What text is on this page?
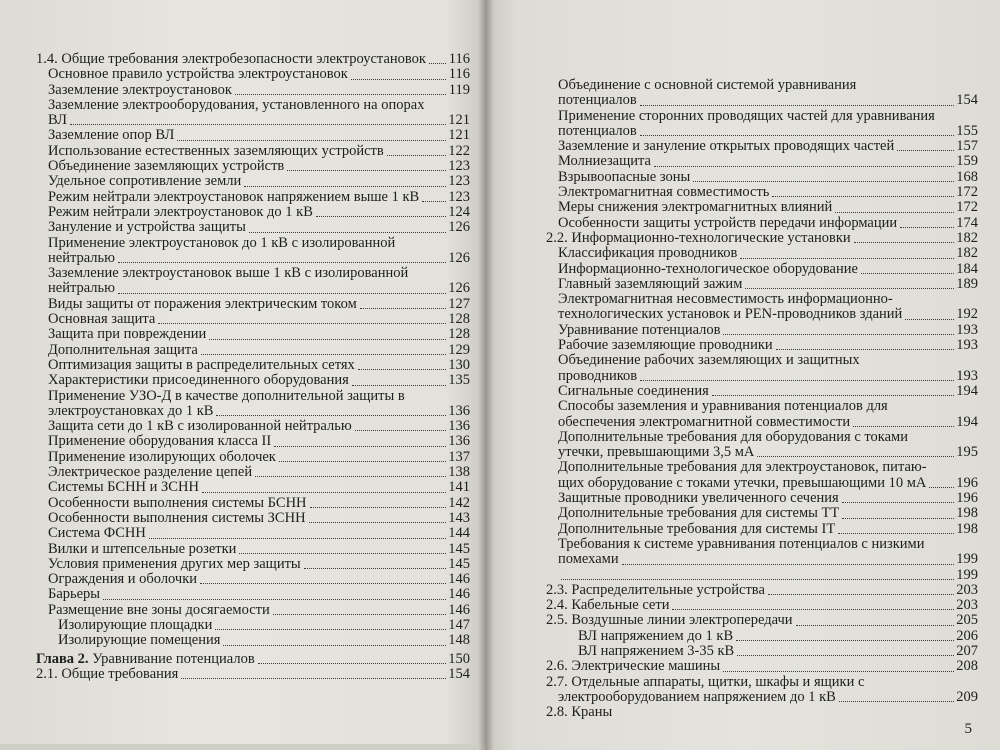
1.4. Общие требования электробезопасности электроустановок 116
Основное правило устройства электроустановок	116
Заземление электроустановок	119
Заземление электрооборудования, установленного на опорах
ВЛ	121
Заземление опор ВЛ	121
Использование естественных заземляющих устройств	122
Объединение заземляющих устройств	123
Удельное сопротивление земли	123
Режим нейтрали электроустановок напряжением выше 1 кВ 123
Режим нейтрали электроустановок до 1 кВ	124
Зануление и устройства защиты	126
Применение электроустановок до 1 кВ с изолированной
нейтралью	126
Заземление электроустановок выше 1 кВ с изолированной
нейтралью	126
Виды защиты от поражения электрическим током	127
Основная защита	128
Защита при повреждении	128
Дополнительная защита	129
Оптимизация защиты в распределительных сетях	130
Характеристики присоединенного оборудования	135
Применение УЗО-Д в качестве дополнительной защиты в
электроустановках до 1 кВ	136
Защита сети до 1 кВ с изолированной нейтралью	136
Применение оборудования класса II	136
Применение изолирующих оболочек	137
Электрическое разделение цепей	138
Системы БСНН и ЗСНН	141
Особенности выполнения системы БСНН	142
Особенности выполнения системы ЗСНН	143
Система ФСНН	144
Вилки и штепсельные розетки	145
Условия применения других мер защиты	145
Ограждения и оболочки	146
Барьеры	146
Размещение вне зоны досягаемости	146
Изолирующие площадки	147
Изолирующие помещения	148
Глава 2. Уравнивание потенциалов	150
2.1. Общие требования	154
Объединение с основной системой уравнивания
потенциалов	154
Применение сторонних проводящих частей для уравнивания
потенциалов	155
Заземление и зануление открытых проводящих частей	157
Молниезащита	159
Взрывоопасные зоны	168
Электромагнитная совместимость	172
Меры снижения электромагнитных влияний	172
Особенности защиты устройств передачи информации	174
2.2. Информационно-технологические установки	182
Классификация проводников	182
Информационно-технологическое оборудование	184
Главный заземляющий зажим	189
Электромагнитная несовместимость информационно-
технологических установок и PEN-проводников зданий	192
Уравнивание потенциалов	193
Рабочие заземляющие проводники	193
Объединение рабочих заземляющих и защитных
проводников	193
Сигнальные соединения	194
Способы заземления и уравнивания потенциалов для
обеспечения электромагнитной совместимости	194
Дополнительные требования для оборудования с токами
утечки, превышающими 3,5 мА	195
Дополнительные требования для электроустановок, питаю-
щих оборудование с токами утечки, превышающими 10 мА 196
Защитные проводники увеличенного сечения	196
Дополнительные требования для системы TT	198
Дополнительные требования для системы IT	198
Требования к системе уравнивания потенциалов с низкими
помехами	199
199
2.3. Распределительные устройства	203
2.4. Кабельные сети	203
2.5. Воздушные линии электропередачи	205
ВЛ напряжением до 1 кВ	206
ВЛ напряжением 3-35 кВ	207
2.6. Электрические машины	208
2.7. Отдельные аппараты, щитки, шкафы и ящики с
электрооборудованием напряжением до 1 кВ	209
2.8. Краны
5
